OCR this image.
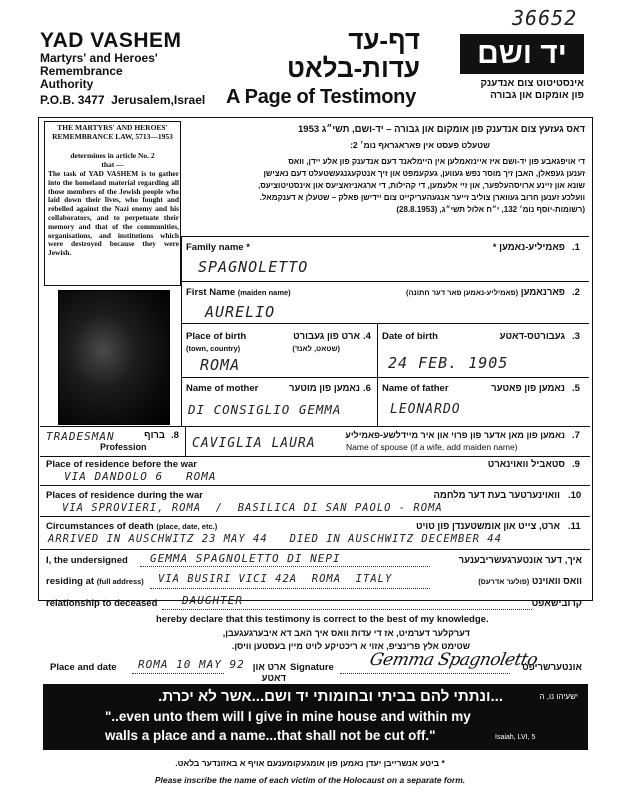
36652
YAD VASHEM
Martyrs' and Heroes'
Remembrance
Authority
P.O.B. 3477  Jerusalem,Israel
דף-עד
עדות-בלאט
A Page of Testimony
יד ושם
אינסטיטוט צום אנדענק
פון אומקום און גבורה
THE MARTYRS' AND HEROES' REMEMBRANCE LAW, 5713—1953
determines in article No. 2
that —
The task of YAD VASHEM is to gather into the homeland material regarding all those members of the Jewish people who laid down their lives, who fought and rebelled against the Nazi enemy and his collaborators, and to perpetuate their memory and that of the communities, organisations, and institutions which were destroyed because they were Jewish.
דאס געזעץ צום אנדענק פון אומקום און גבורה – יד-ושם, תשי״ג 1953
שטעלט פעסט אין פאראגראף נומ׳ 2:
די אויפגאבע פון יד-ושם איז איינזאמלען אין היימלאנד דעם אנדענק פון אלע יידן, וואס
זענען געפאלן, האבן זיך מוסר נפש געווען, געקעמפט און זיך אנטקעגנגעשטעלט דעם נאצישן
שונא און זיינע ארויסהעלפער, און זיי אלעמען, די קהילות, די ארגאניזאציעס און אינסטיטוציעס,
וועלכע זענען חרוב געווארן צוליב זייער אנגעהעריקייט צום יידישן פאלק – שטעלן א דענקמאל.
(רשומות-יוסף נומ׳ 132, י״ח אלול תשי״ג, (28.8.1953)
Family name *	פאמיליע-נאמען * .1
SPAGNOLETTO
First Name (maiden name)	פארנאמען (פאמיליע-נאמען פאר דער חתונה)	.2
AURELIO
Place of birth
(town, country)
ארט פון געבורט
(שטאט, לאנד)
.4
ROMA
Date of birth	געבורטס-דאטע .3
24 FEB. 1905
Name of mother	נאמען פון מוטער .6
DI CONSIGLIO GEMMA
Name of father	נאמען פון פאטער .5
LEONARDO
TRADESMAN
Profession
ברוף .8
CAVIGLIA LAURA
נאמען פון מאן אדער פון פרוי און איר מיידלשע-פאמיליע
Name of spouse (if a wife, add maiden name)
.7
Place of residence before the war	סטאביל וואוינארט .9
VIA DANDOLO 6   ROMA
Places of residence during the war	וואוינערטער בעת דער מלחמה .10
VIA SPROVIERI, ROMA  /  BASILICA DI SAN PAOLO - ROMA
Circumstances of death (place, date, etc.)	ארט, צייט און אומשטענדן פון טויט .11
ARRIVED IN AUSCHWITZ 23 MAY 44   DIED IN AUSCHWITZ DECEMBER 44
I, the undersigned GEMMA SPAGNOLETTO DI NEPI	איך, דער אונטערגעשריבענער
residing at (full address) VIA BUSIRI VICI 42A  ROMA  ITALY	וואס וואוינט (פולער אדרעס)
relationship to deceased DAUGHTER	קרובישאפט
hereby declare that this testimony is correct to the best of my knowledge.
דערקלער דערמיט, אז די עדות וואס איך האב דא איבערגעגעבן,
שטימט אלץ פרינציפ, אזוי א ריכטיקע לויט מיין בעסטען וויסן.
Place and date ROMA 10 MAY 92 ארט און דאטע
Signature Gemma Spagnoletto
אונטערשריפט
...ונתתי להם בביתי ובחומותי יד ושם...אשר לא יכרת.	ישעיהו נו, ה
"..even unto them will I give in mine house and within my
walls a place and a name...that shall not be cut off."	Isaiah, LVI, 5
* ביטע אנשרייבן יעדן נאמען פון אומגעקומענעם אויף א באזונדער בלאט.
Please inscribe the name of each victim of the Holocaust on a separate form.
